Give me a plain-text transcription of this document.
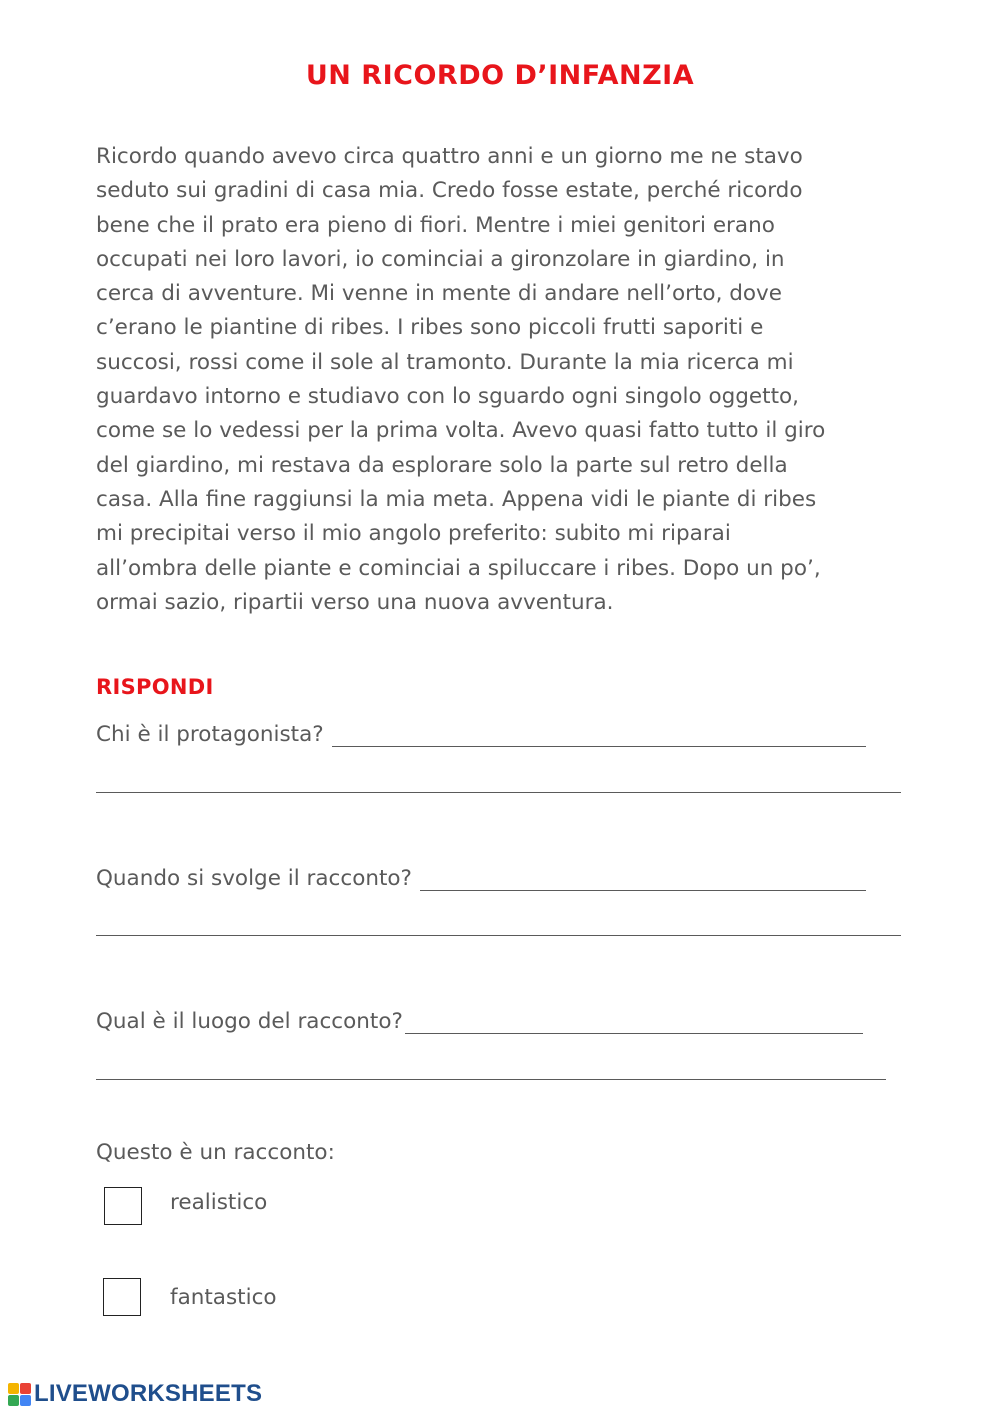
UN RICORDO D’INFANZIA
Ricordo quando avevo circa quattro anni e un giorno me ne stavo
seduto sui gradini di casa mia. Credo fosse estate, perché ricordo
bene che il prato era pieno di fiori. Mentre i miei genitori erano
occupati nei loro lavori, io cominciai a gironzolare in giardino, in
cerca di avventure. Mi venne in mente di andare nell’orto, dove
c’erano le piantine di ribes. I ribes sono piccoli frutti saporiti e
succosi, rossi come il sole al tramonto. Durante la mia ricerca mi
guardavo intorno e studiavo con lo sguardo ogni singolo oggetto,
come se lo vedessi per la prima volta. Avevo quasi fatto tutto il giro
del giardino, mi restava da esplorare solo la parte sul retro della
casa. Alla fine raggiunsi la mia meta. Appena vidi le piante di ribes
mi precipitai verso il mio angolo preferito: subito mi riparai
all’ombra delle piante e cominciai a spiluccare i ribes. Dopo un po’,
ormai sazio, ripartii verso una nuova avventura.
RISPONDI
Chi è il protagonista?
Quando si svolge il racconto?
Qual è il luogo del racconto?
Questo è un racconto:
realistico
fantastico
LIVEWORKSHEETS
